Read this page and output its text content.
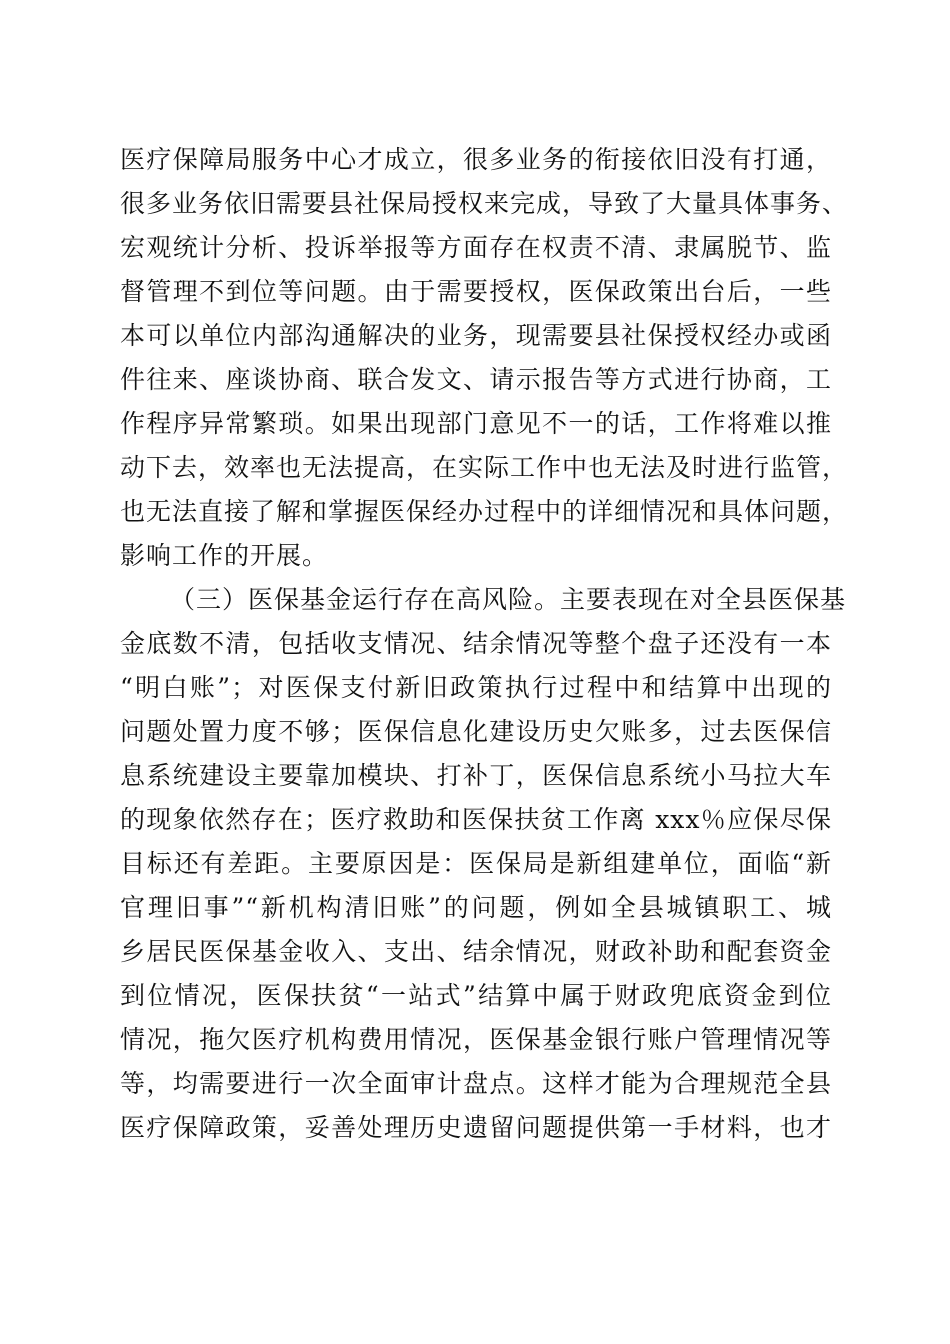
医疗保障局服务中心才成立，很多业务的衔接依旧没有打通，
很多业务依旧需要县社保局授权来完成，导致了大量具体事务、
宏观统计分析、投诉举报等方面存在权责不清、隶属脱节、监
督管理不到位等问题。由于需要授权，医保政策出台后，一些
本可以单位内部沟通解决的业务，现需要县社保授权经办或函
件往来、座谈协商、联合发文、请示报告等方式进行协商，工
作程序异常繁琐。如果出现部门意见不一的话，工作将难以推
动下去，效率也无法提高，在实际工作中也无法及时进行监管，
也无法直接了解和掌握医保经办过程中的详细情况和具体问题，
影响工作的开展。
（三）医保基金运行存在高风险。主要表现在对全县医保基
金底数不清，包括收支情况、结余情况等整个盘子还没有一本
“明白账”；对医保支付新旧政策执行过程中和结算中出现的
问题处置力度不够；医保信息化建设历史欠账多，过去医保信
息系统建设主要靠加模块、打补丁，医保信息系统小马拉大车
的现象依然存在；医疗救助和医保扶贫工作离 xxx％应保尽保
目标还有差距。主要原因是：医保局是新组建单位，面临“新
官理旧事”“新机构清旧账”的问题，例如全县城镇职工、城
乡居民医保基金收入、支出、结余情况，财政补助和配套资金
到位情况，医保扶贫“一站式”结算中属于财政兜底资金到位
情况，拖欠医疗机构费用情况，医保基金银行账户管理情况等
等，均需要进行一次全面审计盘点。这样才能为合理规范全县
医疗保障政策，妥善处理历史遗留问题提供第一手材料，也才
